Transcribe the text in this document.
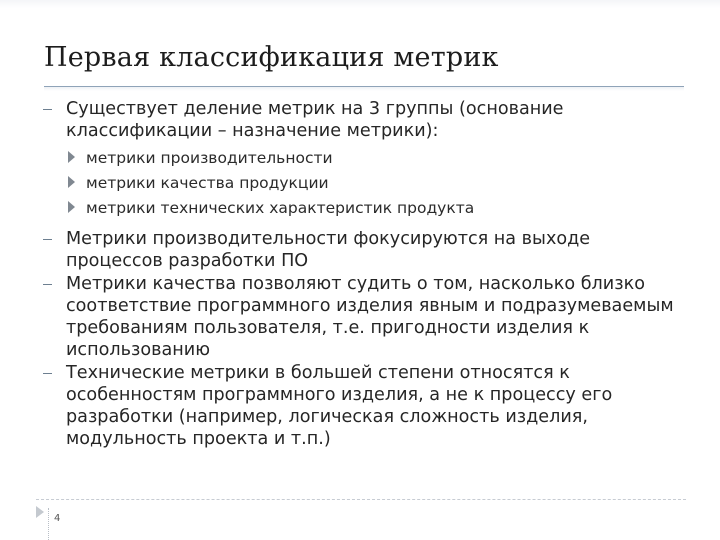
Первая классификация метрик
Существует деление метрик на 3 группы (основание классификации – назначение метрики):
метрики производительности
метрики качества продукции
метрики технических характеристик продукта
Метрики производительности фокусируются на выходе процессов разработки ПО
Метрики качества позволяют судить о том, насколько близко соответствие программного изделия явным и подразумеваемым требованиям пользователя, т.е. пригодности изделия к использованию
Технические метрики в большей степени относятся к особенностям программного изделия, а не к процессу его разработки (например, логическая сложность изделия, модульность проекта и т.п.)
4
